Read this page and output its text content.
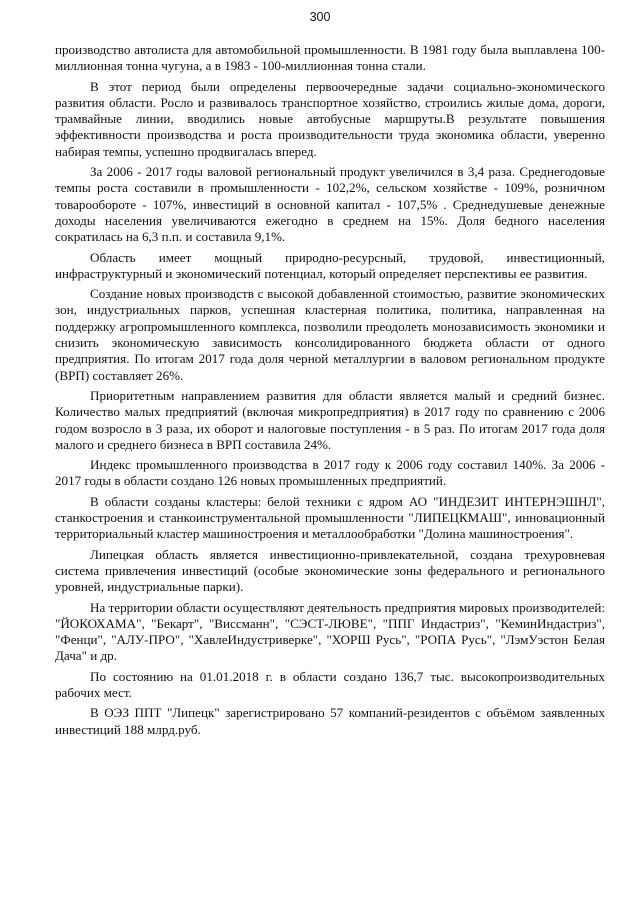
300

производство автолиста для автомобильной промышленности. В 1981 году была выплавлена 100-миллионная тонна чугуна, а в 1983 - 100-миллионная тонна стали.

В этот период были определены первоочередные задачи социально-экономического развития области. Росло и развивалось транспортное хозяйство, строились жилые дома, дороги, трамвайные линии, вводились новые автобусные маршруты.В результате повышения эффективности производства и роста производительности труда экономика области, уверенно набирая темпы, успешно продвигалась вперед.

За 2006 - 2017 годы валовой региональный продукт увеличился в 3,4 раза. Среднегодовые темпы роста составили в промышленности - 102,2%, сельском хозяйстве - 109%, розничном товарообороте - 107%, инвестиций в основной капитал - 107,5% . Среднедушевые денежные доходы населения увеличиваются ежегодно в среднем на 15%. Доля бедного населения сократилась на 6,3 п.п. и составила 9,1%.

Область имеет мощный природно-ресурсный, трудовой, инвестиционный, инфраструктурный и экономический потенциал, который определяет перспективы ее развития.

Создание новых производств с высокой добавленной стоимостью, развитие экономических зон, индустриальных парков, успешная кластерная политика, политика, направленная на поддержку агропромышленного комплекса, позволили преодолеть монозависимость экономики и снизить экономическую зависимость консолидированного бюджета области от одного предприятия. По итогам 2017 года доля черной металлургии в валовом региональном продукте (ВРП) составляет 26%.

Приоритетным направлением развития для области является малый и средний бизнес. Количество малых предприятий (включая микропредприятия) в 2017 году по сравнению с 2006 годом возросло в 3 раза, их оборот и налоговые поступления - в 5 раз. По итогам 2017 года доля малого и среднего бизнеса в ВРП составила 24%.

Индекс промышленного производства в 2017 году к 2006 году составил 140%. За 2006 - 2017 годы в области создано 126 новых промышленных предприятий.

В области созданы кластеры: белой техники с ядром АО "ИНДЕЗИТ ИНТЕРНЭШНЛ", станкостроения и станкоинструментальной промышленности "ЛИПЕЦКМАШ", инновационный территориальный кластер машиностроения и металлообработки "Долина машиностроения".

Липецкая область является инвестиционно-привлекательной, создана трехуровневая система привлечения инвестиций (особые экономические зоны федерального и регионального уровней, индустриальные парки).

На территории области осуществляют деятельность предприятия мировых производителей: "ЙОКОХАМА", "Бекарт", "Виссманн", "СЭСТ-ЛЮВЕ", "ППГ Индастриз", "КеминИндастриз", "Фенци", "АЛУ-ПРО", "ХавлеИндустриверке", "ХОРШ Русь", "РОПА Русь", "ЛэмУэстон Белая Дача" и др.

По состоянию на 01.01.2018 г. в области создано 136,7 тыс. высокопроизводительных рабочих мест.

В ОЭЗ ППТ "Липецк" зарегистрировано 57 компаний-резидентов с объёмом заявленных инвестиций 188 млрд.руб.
